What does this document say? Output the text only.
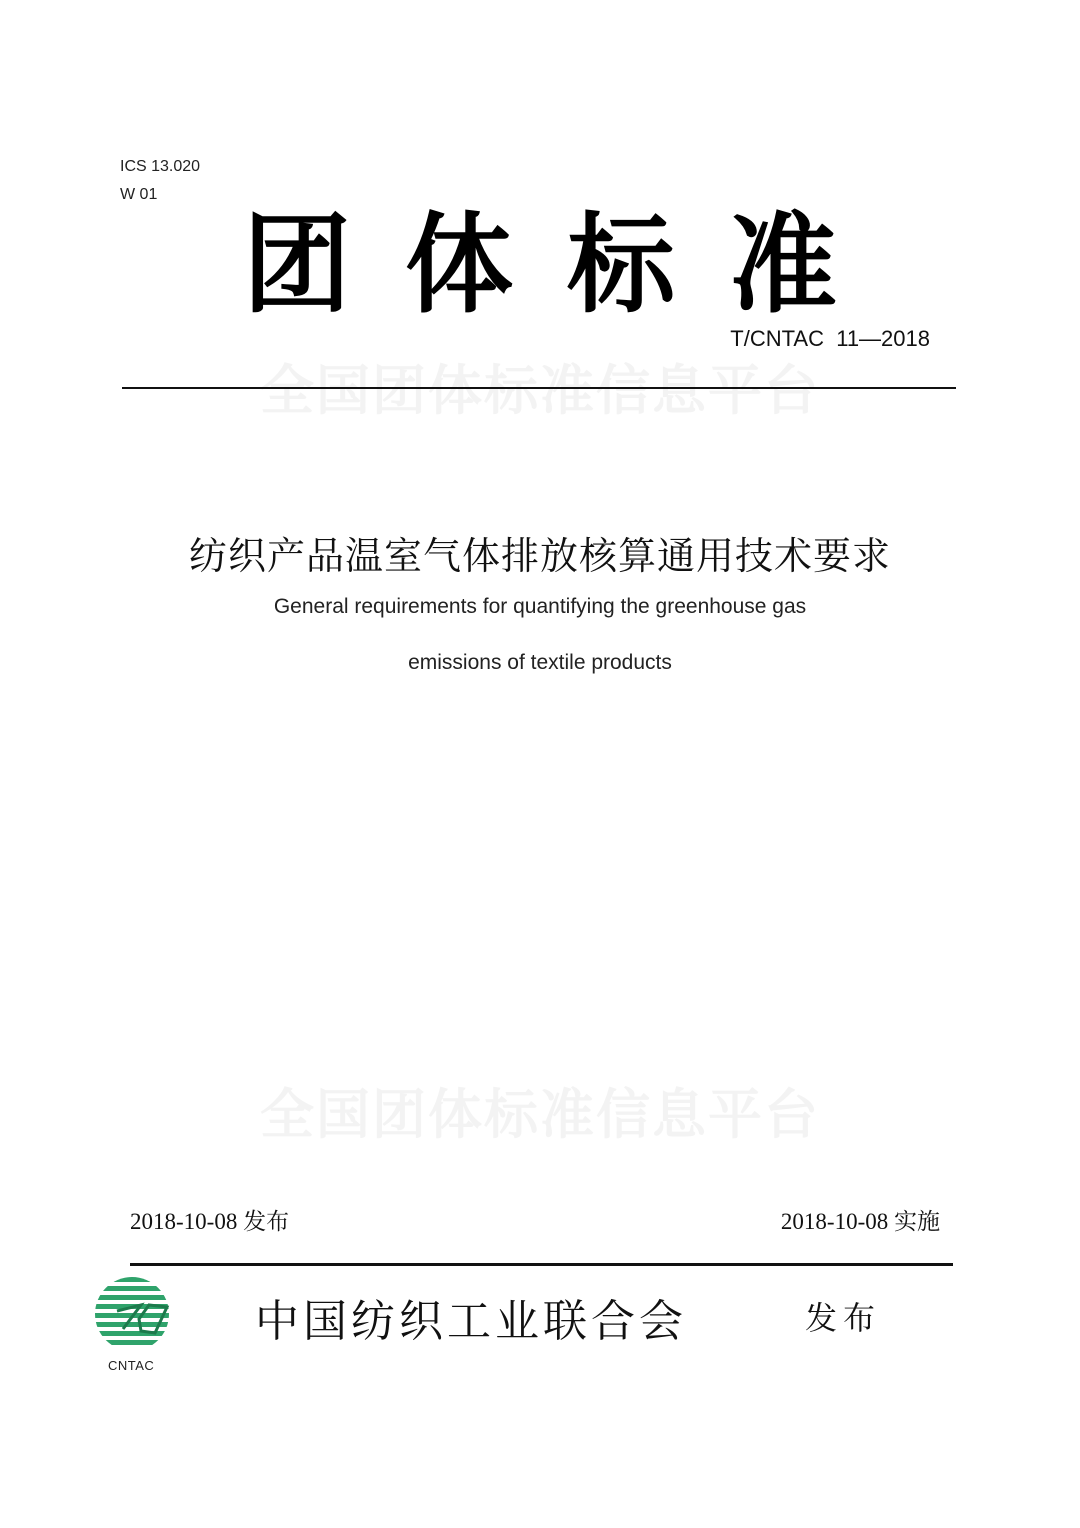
ICS 13.020
W 01
团体标准
T/CNTAC  11—2018
纺织产品温室气体排放核算通用技术要求
General requirements for quantifying the greenhouse gas
emissions of textile products
2018-10-08 发布	2018-10-08 实施
CNTAC
中国纺织工业联合会	发布
